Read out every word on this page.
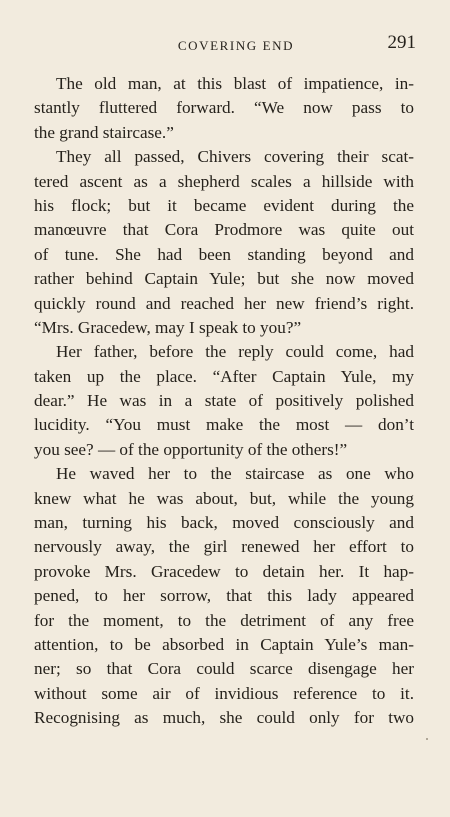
COVERING END	291
The old man, at this blast of impatience, in-
stantly fluttered forward. “We now pass to
the grand staircase.”
They all passed, Chivers covering their scat-
tered ascent as a shepherd scales a hillside with
his flock; but it became evident during the
manœuvre that Cora Prodmore was quite out
of tune. She had been standing beyond and
rather behind Captain Yule; but she now moved
quickly round and reached her new friend’s right.
“Mrs. Gracedew, may I speak to you?”
Her father, before the reply could come, had
taken up the place. “After Captain Yule, my
dear.” He was in a state of positively polished
lucidity. “You must make the most — don’t
you see? — of the opportunity of the others!”
He waved her to the staircase as one who
knew what he was about, but, while the young
man, turning his back, moved consciously and
nervously away, the girl renewed her effort to
provoke Mrs. Gracedew to detain her. It hap-
pened, to her sorrow, that this lady appeared
for the moment, to the detriment of any free
attention, to be absorbed in Captain Yule’s man-
ner; so that Cora could scarce disengage her
without some air of invidious reference to it.
Recognising as much, she could only for two
